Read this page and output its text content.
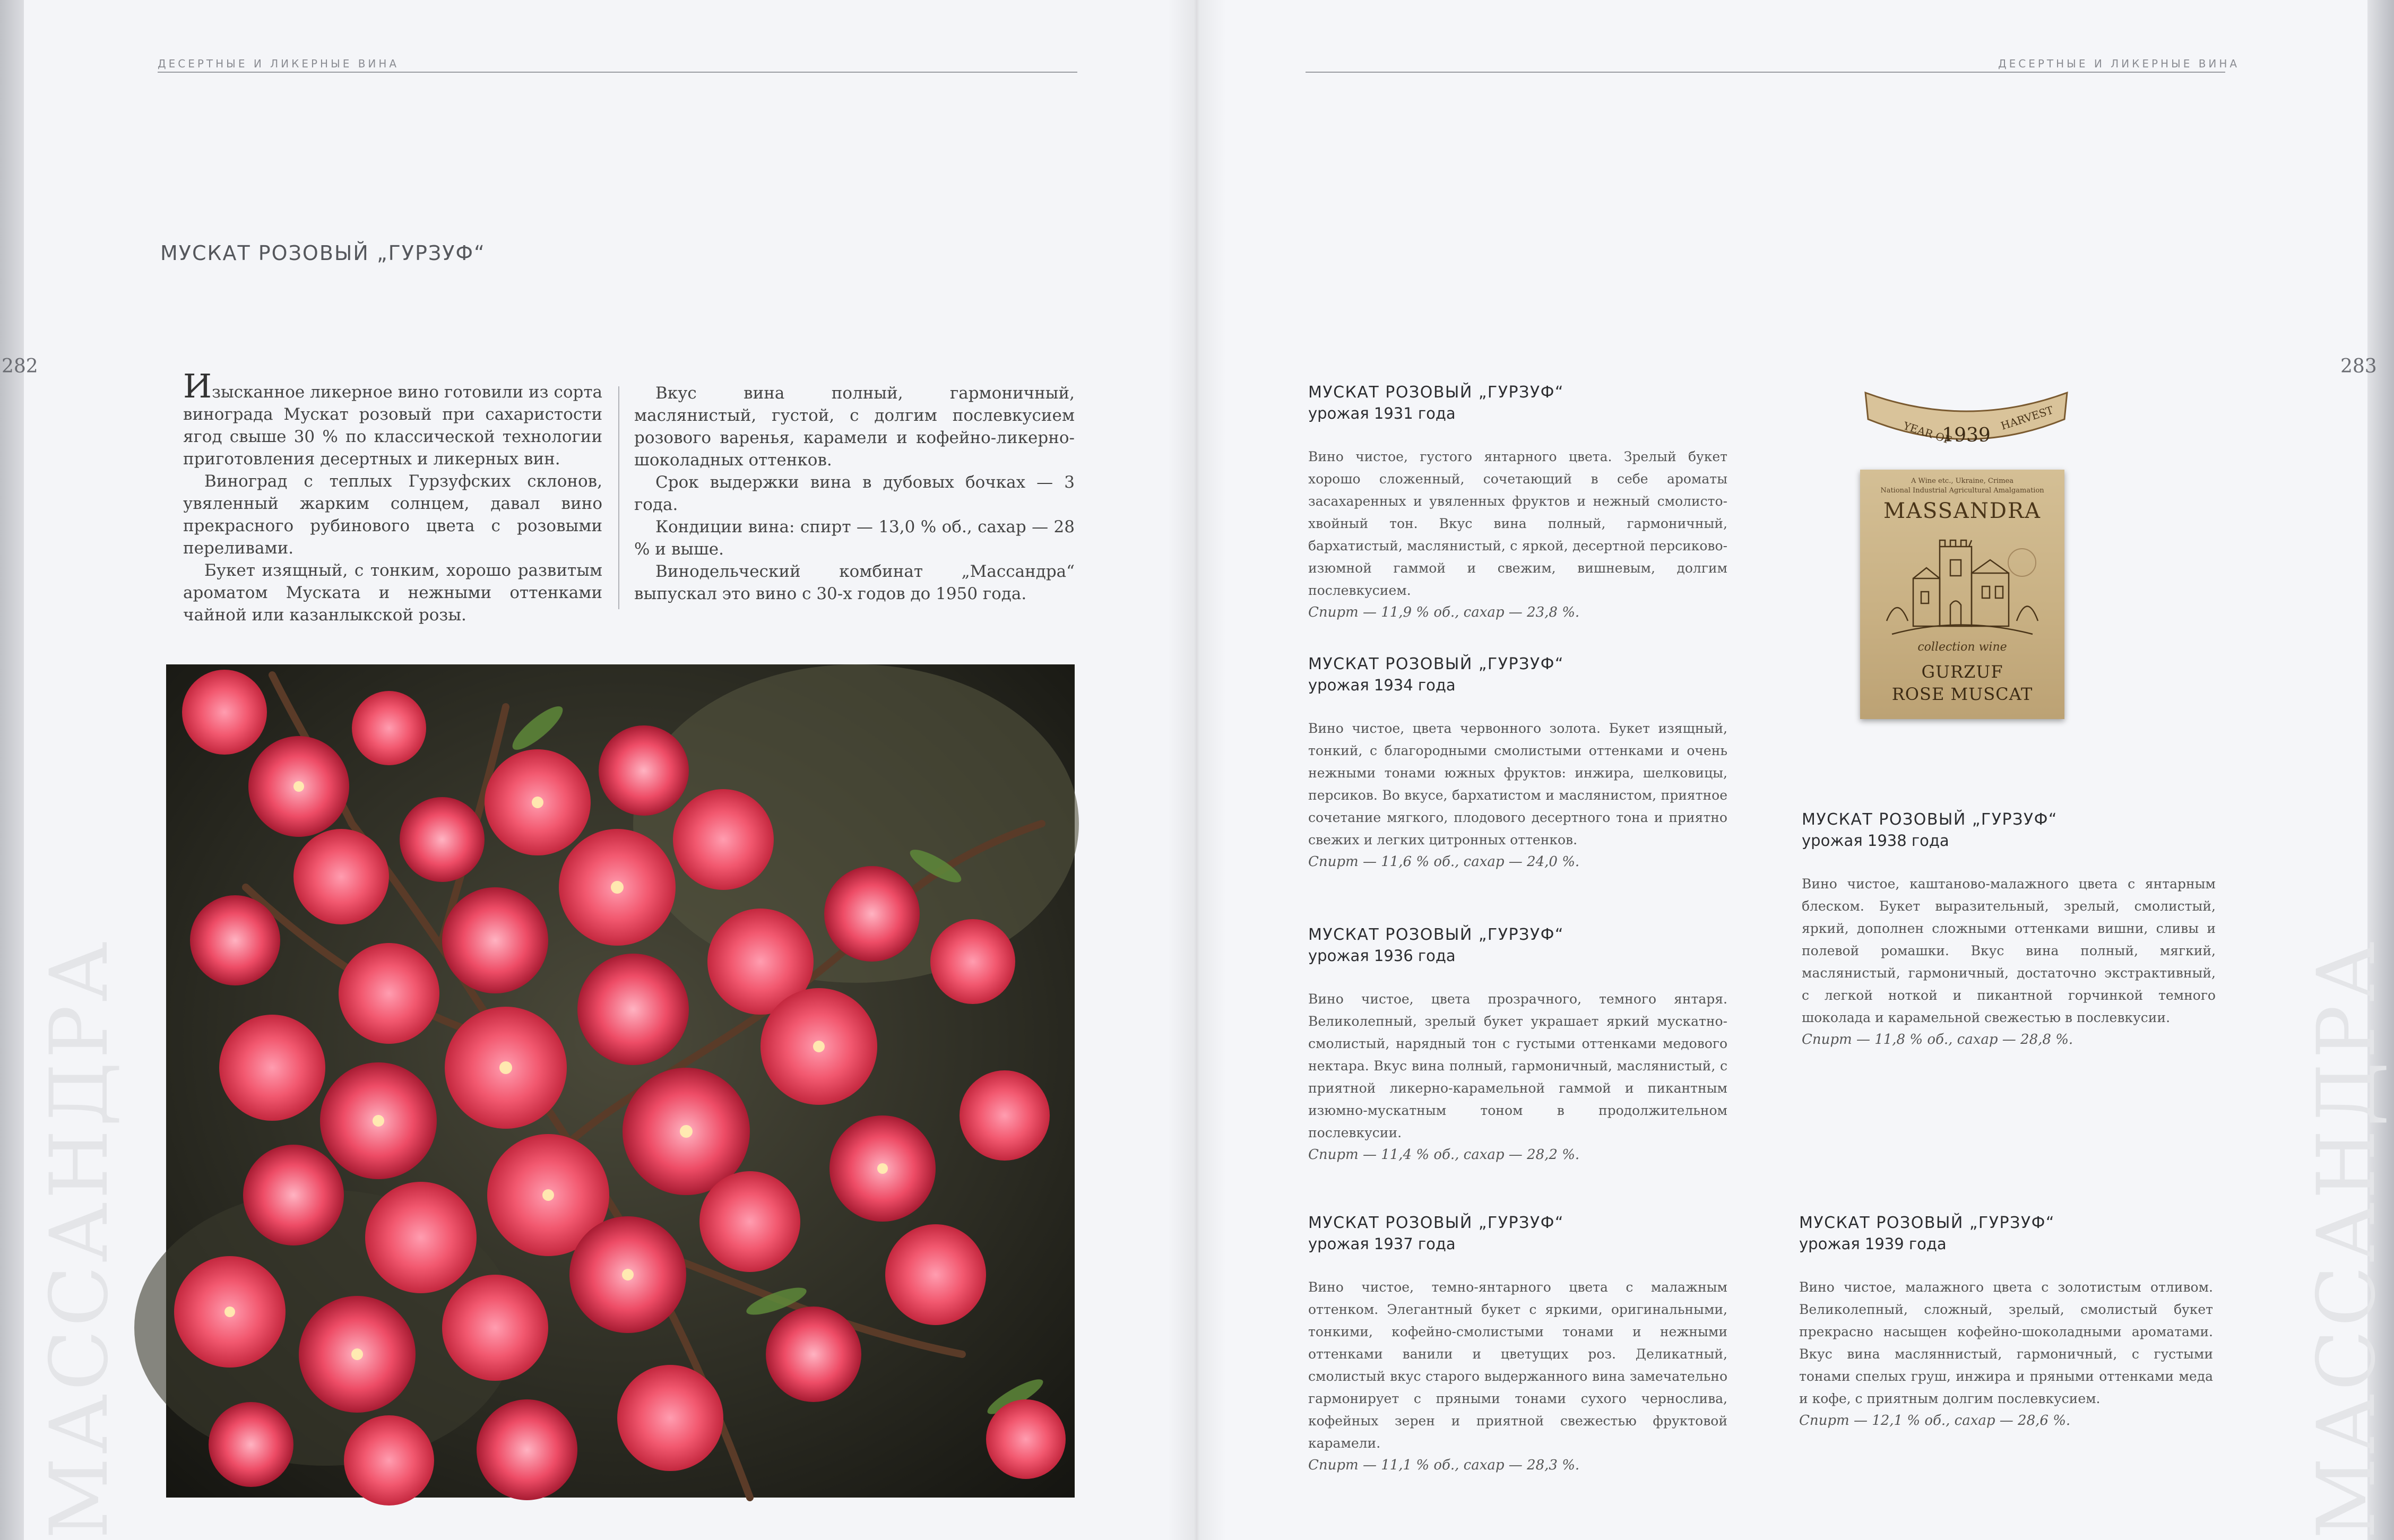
ДЕСЕРТНЫЕ И ЛИКЕРНЫЕ ВИНА
282
МАССАНДРА
МУСКАТ РОЗОВЫЙ „ГУРЗУФ“

Изысканное ликерное вино готовили из сорта винограда Мускат розовый при сахаристости ягод свыше 30 % по классической технологии приготовления десертных и ликерных вин.

Виноград с теплых Гурзуфских склонов, увяленный жарким солнцем, давал вино прекрасного рубинового цвета с розовыми переливами.

Букет изящный, с тонким, хорошо развитым ароматом Муската и нежными оттенками чайной или казанлыкской розы.

Вкус вина полный, гармоничный, маслянистый, густой, с долгим послевкусием розового варенья, карамели и кофейно-ликерно-шоколадных оттенков.

Срок выдержки вина в дубовых бочках — 3 года.

Кондиции вина: спирт — 13,0 % об., сахар — 28 % и выше.

Винодельческий комбинат „Массандра“ выпускал это вино с 30-х годов до 1950 года.

ДЕСЕРТНЫЕ И ЛИКЕРНЫЕ ВИНА
283
МАССАНДРА

МУСКАТ РОЗОВЫЙ „ГУРЗУФ“

урожая 1931 года

Вино чистое, густого янтарного цвета. Зрелый букет хорошо сложенный, сочетающий в себе ароматы засахаренных и увяленных фруктов и нежный смолисто-хвойный тон. Вкус вина полный, гармоничный, бархатистый, маслянистый, с яркой, десертной персиково-изюмной гаммой и свежим, вишневым, долгим послевкусием.

Спирт — 11,9 % об., сахар — 23,8 %.

МУСКАТ РОЗОВЫЙ „ГУРЗУФ“

урожая 1934 года

Вино чистое, цвета червонного золота. Букет изящный, тонкий, с благородными смолистыми оттенками и очень нежными тонами южных фруктов: инжира, шелковицы, персиков. Во вкусе, бархатистом и маслянистом, приятное сочетание мягкого, плодового десертного тона и приятно свежих и легких цитронных оттенков.

Спирт — 11,6 % об., сахар — 24,0 %.

МУСКАТ РОЗОВЫЙ „ГУРЗУФ“

урожая 1936 года

Вино чистое, цвета прозрачного, темного янтаря. Великолепный, зрелый букет украшает яркий мускатно-смолистый, нарядный тон с густыми оттенками медового нектара. Вкус вина полный, гармоничный, маслянистый, с приятной ликерно-карамельной гаммой и пикантным изюмно-мускатным тоном в продолжительном послевкусии.

Спирт — 11,4 % об., сахар — 28,2 %.

МУСКАТ РОЗОВЫЙ „ГУРЗУФ“

урожая 1937 года

Вино чистое, темно-янтарного цвета с малажным оттенком. Элегантный букет с яркими, оригинальными, тонкими, кофейно-смолистыми тонами и нежными оттенками ванили и цветущих роз. Деликатный, смолистый вкус старого выдержанного вина замечательно гармонирует с пряными тонами сухого чернослива, кофейных зерен и приятной свежестью фруктовой карамели.

Спирт — 11,1 % об., сахар — 28,3 %.

МУСКАТ РОЗОВЫЙ „ГУРЗУФ“

урожая 1938 года

Вино чистое, каштаново-малажного цвета с янтарным блеском. Букет выразительный, зрелый, смолистый, яркий, дополнен сложными оттенками вишни, сливы и полевой ромашки. Вкус вина полный, мягкий, маслянистый, гармоничный, достаточно экстрактивный, с легкой ноткой и пикантной горчинкой темного шоколада и карамельной свежестью в послевкусии.

Спирт — 11,8 % об., сахар — 28,8 %.

МУСКАТ РОЗОВЫЙ „ГУРЗУФ“

урожая 1939 года

Вино чистое, малажного цвета с золотистым отливом. Великолепный, сложный, зрелый, смолистый букет прекрасно насыщен кофейно-шоколадными ароматами. Вкус вина масляннистый, гармоничный, с густыми тонами спелых груш, инжира и пряными оттенками меда и кофе, с приятным долгим послевкусием.

Спирт — 12,1 % об., сахар — 28,6 %.

YEAR OF
1939
HARVEST
A Wine etc., Ukraine, Crimea
National Industrial Agricultural Amalgamation
MASSANDRA
collection wine
GURZUF
ROSE MUSCAT
